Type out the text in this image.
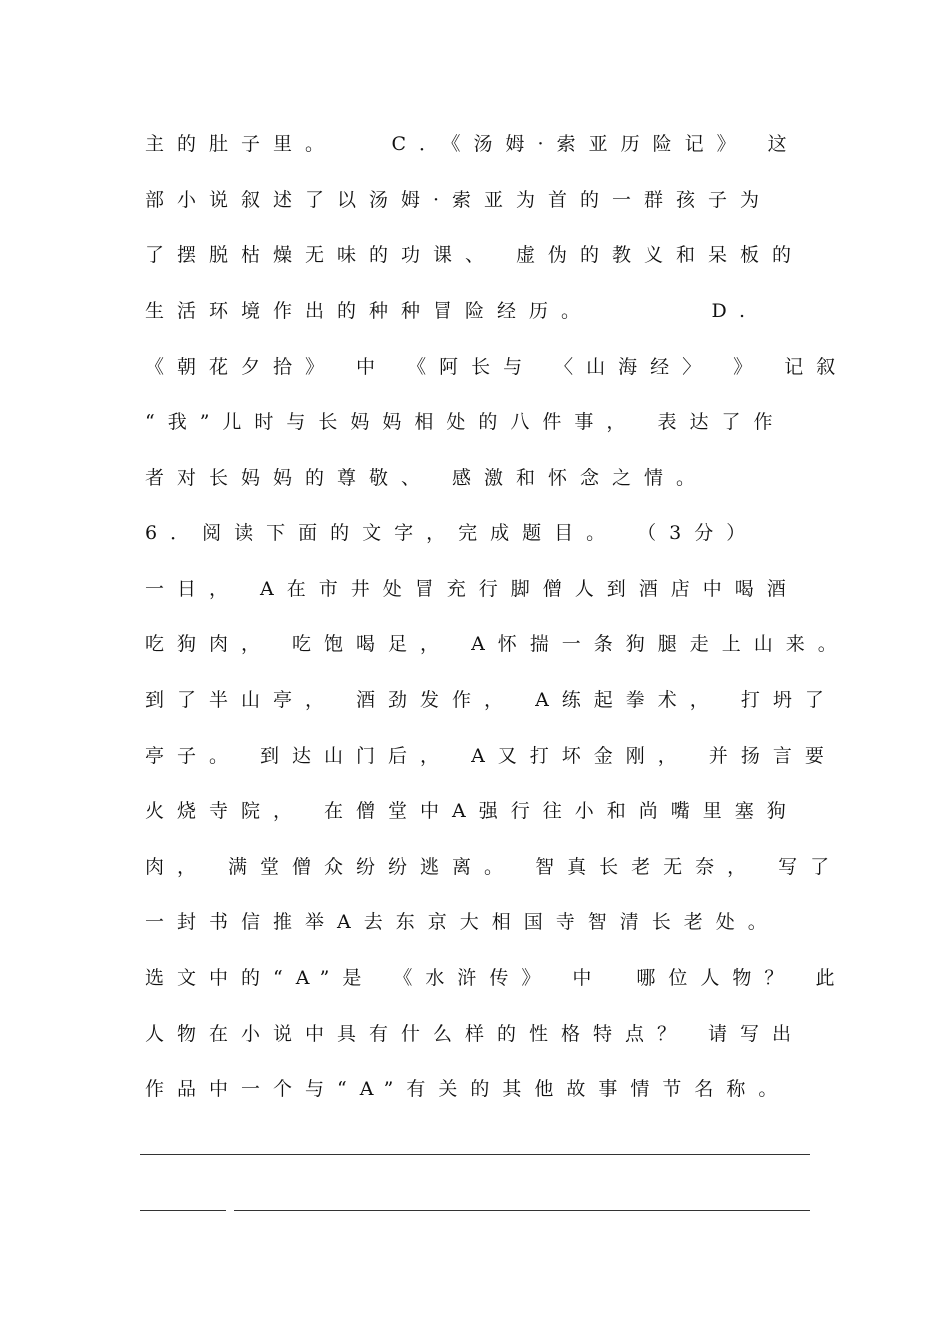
主的肚子里。　　C．《汤姆·索亚历险记》 这
部小说叙述了以汤姆·索亚为首的一群孩子为
了摆脱枯燥无味的功课、 虚伪的教义和呆板的
生活环境作出的种种冒险经历。　　　　D.
《朝花夕拾》 中 《阿长与 〈山海经〉 》 记叙
“我”儿时与长妈妈相处的八件事， 表达了作
者对长妈妈的尊敬、 感激和怀念之情。
6．阅读下面的文字，完成题目。 （3分）
一日， A在市井处冒充行脚僧人到酒店中喝酒
吃狗肉， 吃饱喝足， A怀揣一条狗腿走上山来。
到了半山亭， 酒劲发作， A练起拳术， 打坍了
亭子。 到达山门后， A又打坏金刚， 并扬言要
火烧寺院， 在僧堂中A强行往小和尚嘴里塞狗
肉， 满堂僧众纷纷逃离。 智真长老无奈， 写了
一封书信推举A去东京大相国寺智清长老处。
选文中的“A”是 《水浒传》 中　哪位人物？ 此
人物在小说中具有什么样的性格特点？ 请写出
作品中一个与“A”有关的其他故事情节名称。
